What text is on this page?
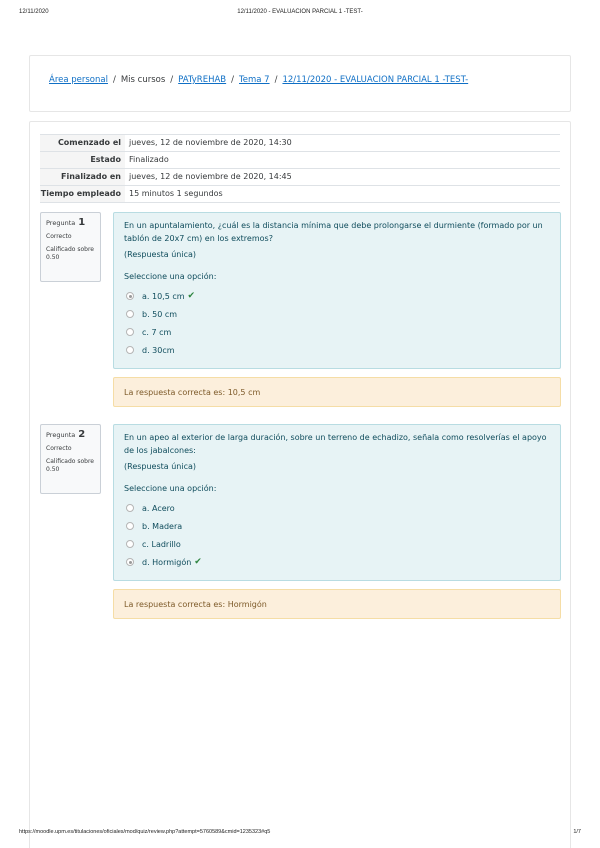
12/11/2020	12/11/2020 - EVALUACION PARCIAL 1 -TEST-
Área personal / Mis cursos / PATyREHAB / Tema 7 / 12/11/2020 - EVALUACION PARCIAL 1 -TEST-
Comenzado el	jueves, 12 de noviembre de 2020, 14:30
Estado	Finalizado
Finalizado en	jueves, 12 de noviembre de 2020, 14:45
Tiempo empleado	15 minutos 1 segundos
Pregunta 1
Correcto
Calificado sobre 0.50
En un apuntalamiento, ¿cuál es la distancia mínima que debe prolongarse el durmiente (formado por un tablón de 20x7 cm) en los extremos?
(Respuesta única)
Seleccione una opción:
a. 10,5 cm ✔
b. 50 cm
c. 7 cm
d. 30cm
La respuesta correcta es: 10,5 cm
Pregunta 2
Correcto
Calificado sobre 0.50
En un apeo al exterior de larga duración, sobre un terreno de echadizo, señala como resolverías el apoyo de los jabalcones:
(Respuesta única)
Seleccione una opción:
a. Acero
b. Madera
c. Ladrillo
d. Hormigón ✔
La respuesta correcta es: Hormigón
https://moodle.upm.es/titulaciones/oficiales/mod/quiz/review.php?attempt=5760589&cmid=1235323#q5	1/7
